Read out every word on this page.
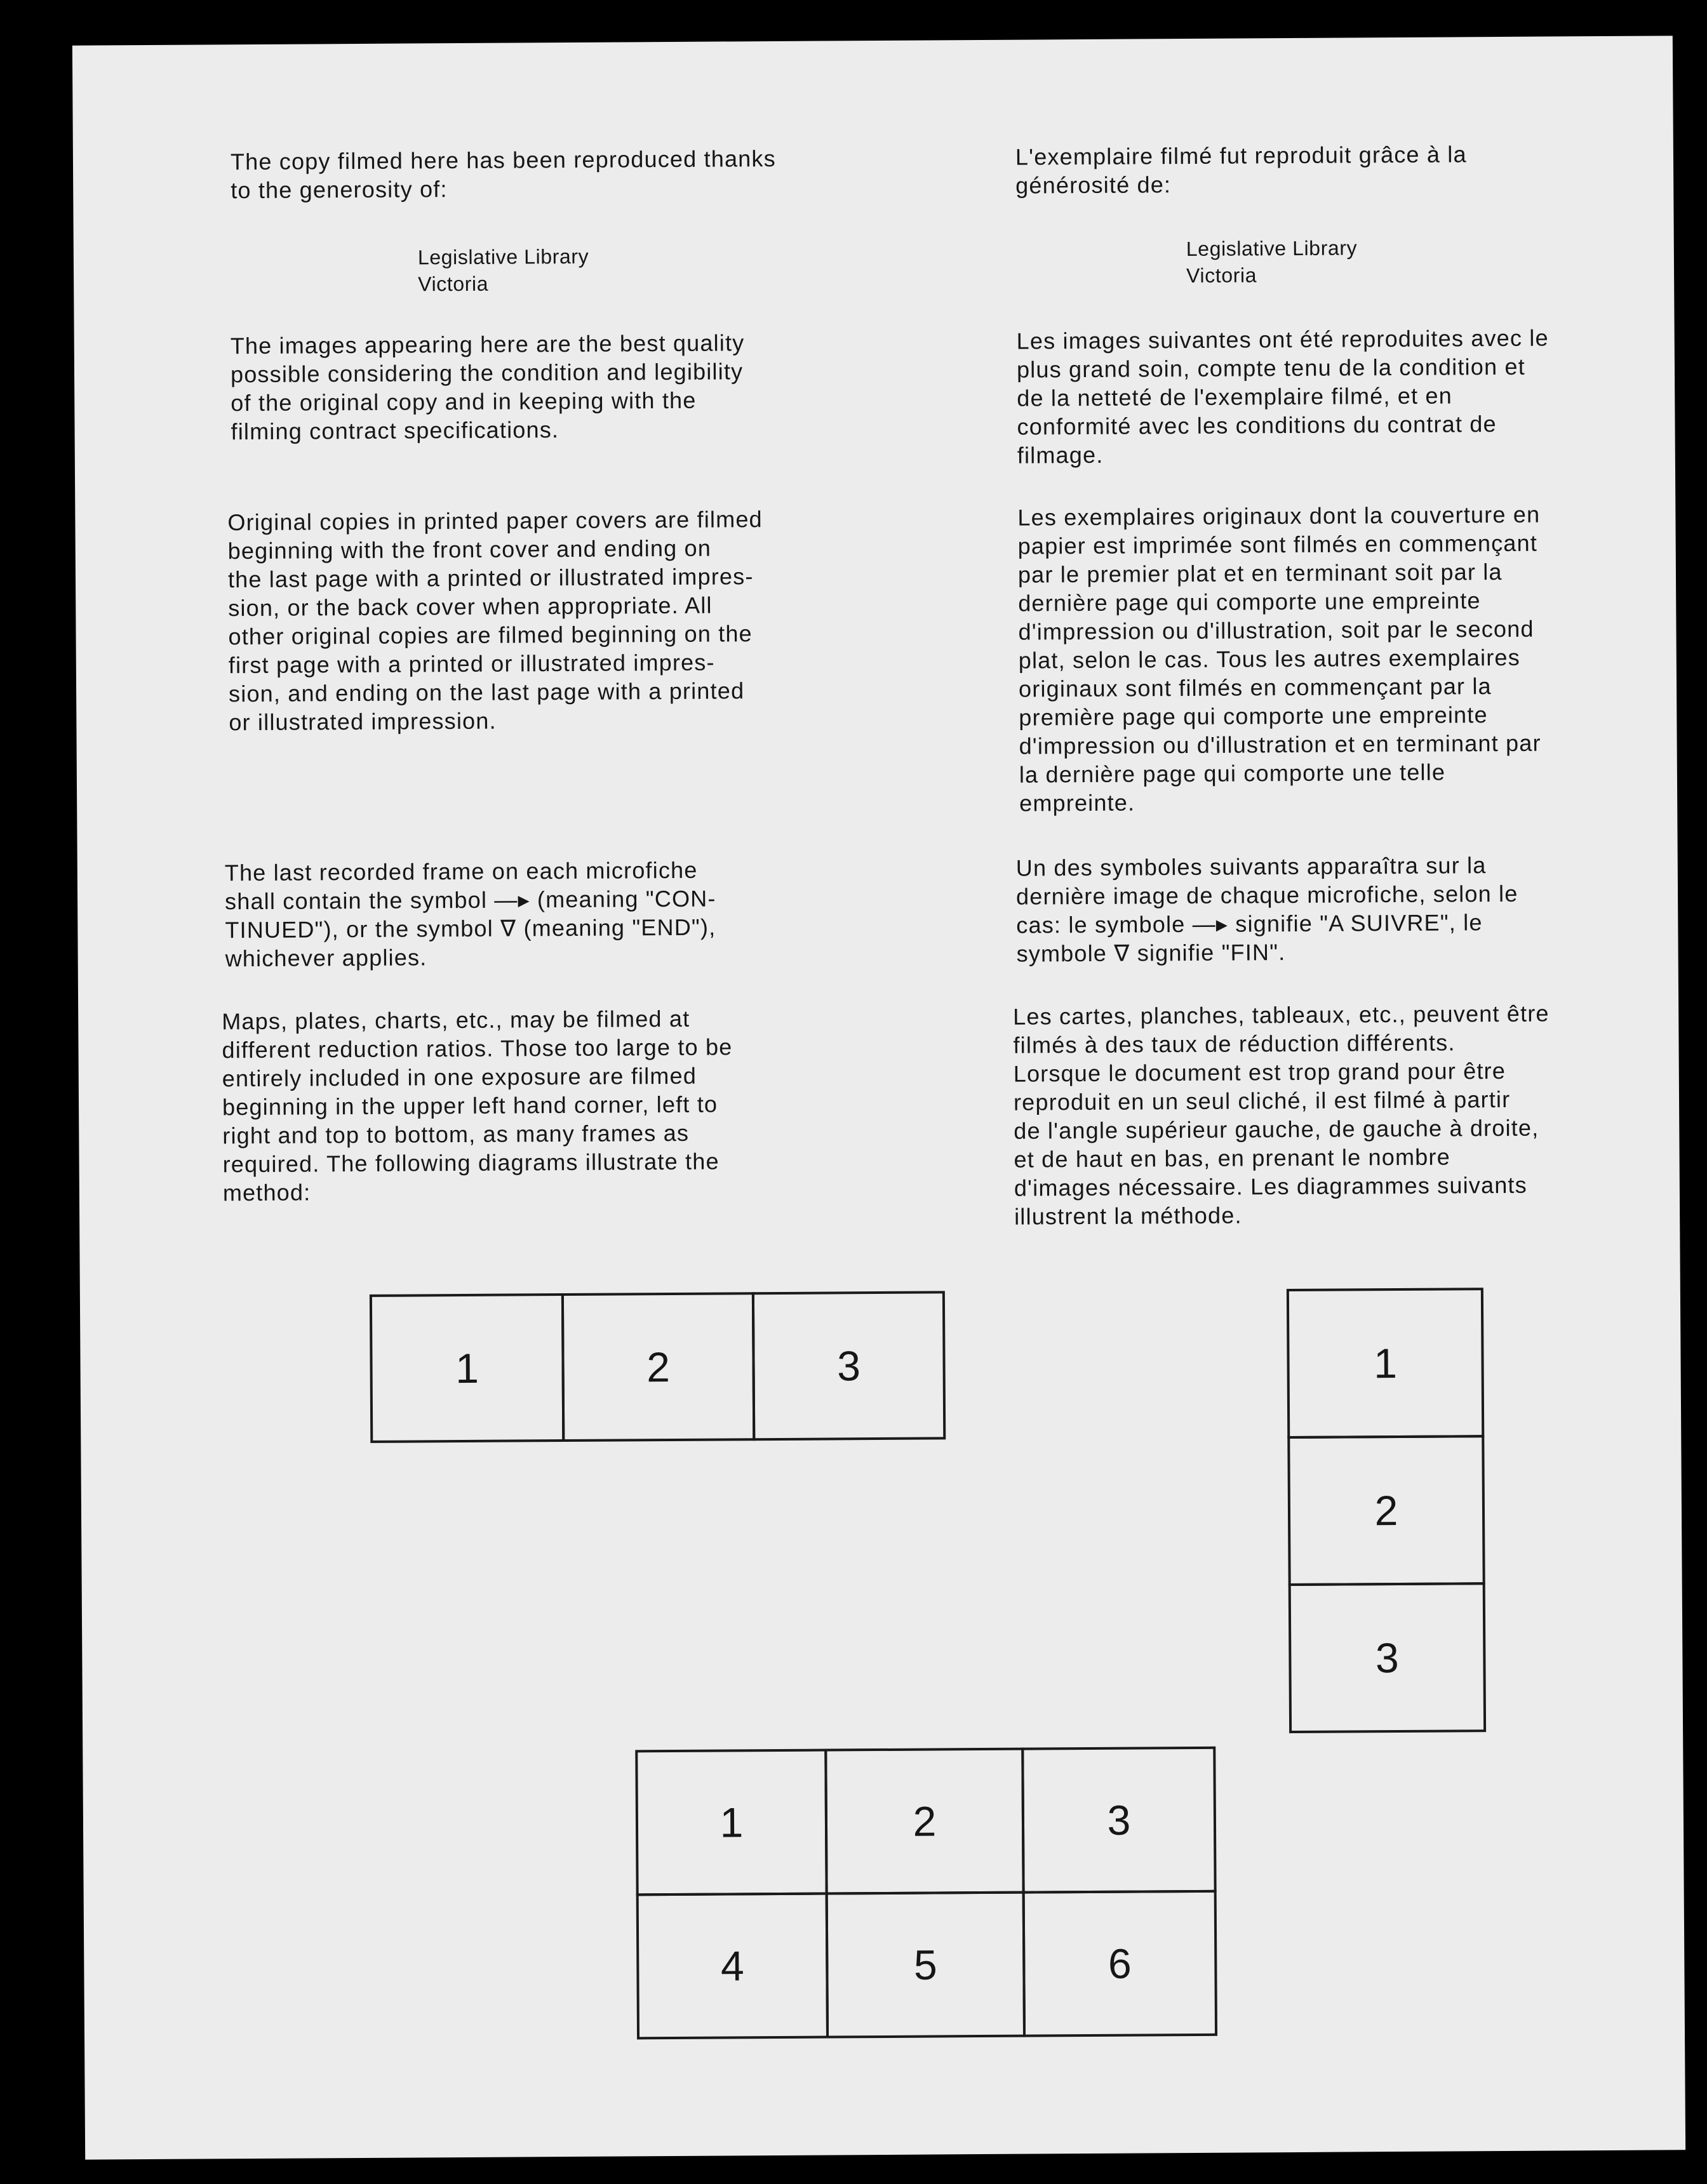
The copy filmed here has been reproduced thanks
to the generosity of:
Legislative Library
Victoria
The images appearing here are the best quality
possible considering the condition and legibility
of the original copy and in keeping with the
filming contract specifications.
Original copies in printed paper covers are filmed
beginning with the front cover and ending on
the last page with a printed or illustrated impres-
sion, or the back cover when appropriate. All
other original copies are filmed beginning on the
first page with a printed or illustrated impres-
sion, and ending on the last page with a printed
or illustrated impression.
The last recorded frame on each microfiche
shall contain the symbol —▸ (meaning "CON-
TINUED"), or the symbol ∇ (meaning "END"),
whichever applies.
Maps, plates, charts, etc., may be filmed at
different reduction ratios. Those too large to be
entirely included in one exposure are filmed
beginning in the upper left hand corner, left to
right and top to bottom, as many frames as
required. The following diagrams illustrate the
method:
L'exemplaire filmé fut reproduit grâce à la
générosité de:
Legislative Library
Victoria
Les images suivantes ont été reproduites avec le
plus grand soin, compte tenu de la condition et
de la netteté de l'exemplaire filmé, et en
conformité avec les conditions du contrat de
filmage.
Les exemplaires originaux dont la couverture en
papier est imprimée sont filmés en commençant
par le premier plat et en terminant soit par la
dernière page qui comporte une empreinte
d'impression ou d'illustration, soit par le second
plat, selon le cas. Tous les autres exemplaires
originaux sont filmés en commençant par la
première page qui comporte une empreinte
d'impression ou d'illustration et en terminant par
la dernière page qui comporte une telle
empreinte.
Un des symboles suivants apparaîtra sur la
dernière image de chaque microfiche, selon le
cas: le symbole —▸ signifie "A SUIVRE", le
symbole ∇ signifie "FIN".
Les cartes, planches, tableaux, etc., peuvent être
filmés à des taux de réduction différents.
Lorsque le document est trop grand pour être
reproduit en un seul cliché, il est filmé à partir
de l'angle supérieur gauche, de gauche à droite,
et de haut en bas, en prenant le nombre
d'images nécessaire. Les diagrammes suivants
illustrent la méthode.
1	2	3	1
2
3
1	2	3
4	5	6
